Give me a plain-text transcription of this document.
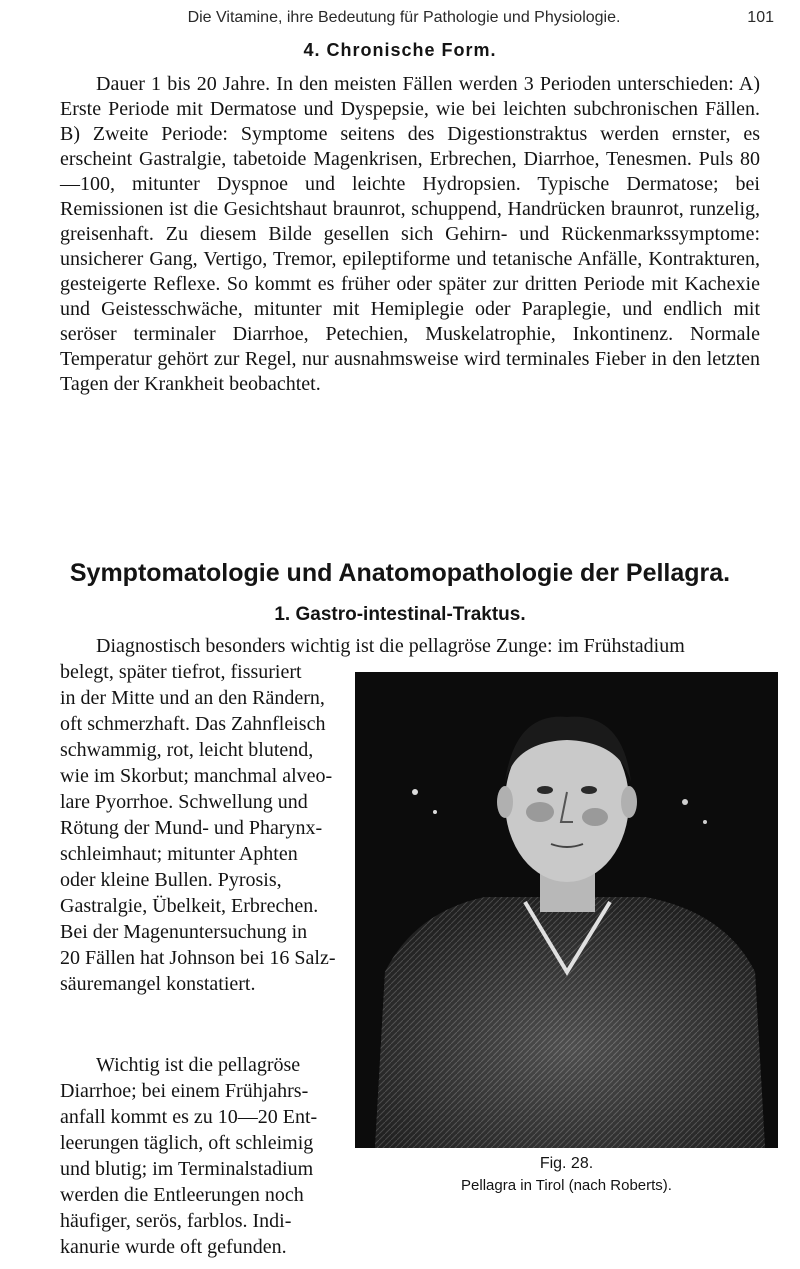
Die Vitamine, ihre Bedeutung für Pathologie und Physiologie.	101
4. Chronische Form.

Dauer 1 bis 20 Jahre. In den meisten Fällen werden 3 Perioden unterschieden: A) Erste Periode mit Dermatose und Dyspepsie, wie bei leichten subchronischen Fällen. B) Zweite Periode: Symptome seitens des Digestionstraktus werden ernster, es erscheint Gastralgie, tabetoide Magenkrisen, Erbrechen, Diarrhoe, Tenesmen. Puls 80—100, mitunter Dyspnoe und leichte Hydropsien. Typische Dermatose; bei Remissionen ist die Gesichtshaut braunrot, schuppend, Handrücken braunrot, runzelig, greisenhaft. Zu diesem Bilde gesellen sich Gehirn- und Rückenmarkssymptome: unsicherer Gang, Vertigo, Tremor, epileptiforme und tetanische Anfälle, Kontrakturen, gesteigerte Reflexe. So kommt es früher oder später zur dritten Periode mit Kachexie und Geistesschwäche, mitunter mit Hemiplegie oder Paraplegie, und endlich mit seröser terminaler Diarrhoe, Petechien, Muskelatrophie, Inkontinenz. Normale Temperatur gehört zur Regel, nur ausnahmsweise wird terminales Fieber in den letzten Tagen der Krankheit beobachtet.

Symptomatologie und Anatomopathologie der Pellagra.
1. Gastro-intestinal-Traktus.

Diagnostisch besonders wichtig ist die pellagröse Zunge: im Frühstadium

belegt, später tiefrot, fissuriert
in der Mitte und an den Rändern,
oft schmerzhaft. Das Zahnfleisch
schwammig, rot, leicht blutend,
wie im Skorbut; manchmal alveo-
lare Pyorrhoe. Schwellung und
Rötung der Mund- und Pharynx-
schleimhaut; mitunter Aphten
oder kleine Bullen. Pyrosis,
Gastralgie, Übelkeit, Erbrechen.
Bei der Magenuntersuchung in
20 Fällen hat Johnson bei 16 Salz-
säuremangel konstatiert.

Wichtig ist die pellagröse
Diarrhoe; bei einem Frühjahrs-
anfall kommt es zu 10—20 Ent-
leerungen täglich, oft schleimig
und blutig; im Terminalstadium
werden die Entleerungen noch
häufiger, serös, farblos. Indi-
kanurie wurde oft gefunden.

Fig. 28.
Pellagra in Tirol (nach Roberts).
